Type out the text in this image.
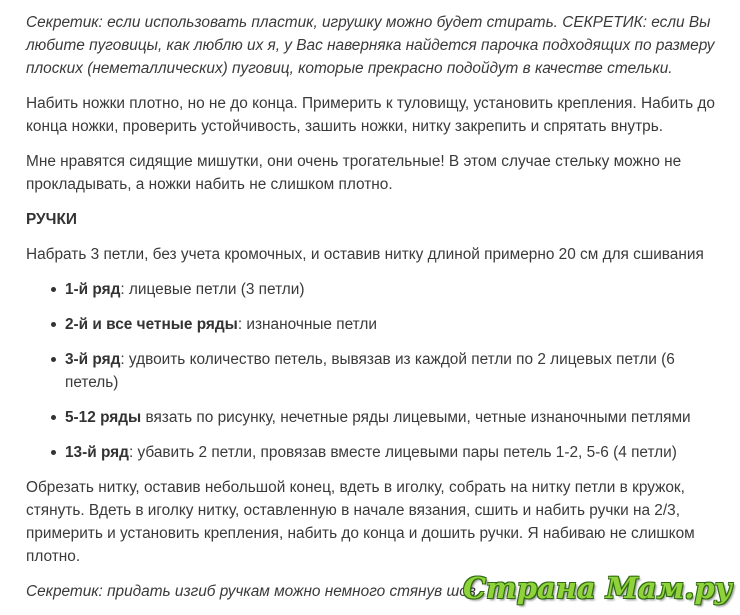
Секретик: если использовать пластик, игрушку можно будет стирать. СЕКРЕТИК: если Вы любите пуговицы, как люблю их я, у Вас наверняка найдется парочка подходящих по размеру плоских (неметаллических) пуговиц, которые прекрасно подойдут в качестве стельки.

Набить ножки плотно, но не до конца. Примерить к туловищу, установить крепления. Набить до конца ножки, проверить устойчивость, зашить ножки, нитку закрепить и спрятать внутрь.

Мне нравятся сидящие мишутки, они очень трогательные! В этом случае стельку можно не прокладывать, а ножки набить не слишком плотно.

РУЧКИ

Набрать 3 петли, без учета кромочных, и оставив нитку длиной примерно 20 см для сшивания

1-й ряд: лицевые петли (3 петли)
2-й и все четные ряды: изнаночные петли
3-й ряд: удвоить количество петель, вывязав из каждой петли по 2 лицевых петли (6 петель)
5-12 ряды вязать по рисунку, нечетные ряды лицевыми, четные изнаночными петлями
13-й ряд: убавить 2 петли, провязав вместе лицевыми пары петель 1-2, 5-6 (4 петли)

Обрезать нитку, оставив небольшой конец, вдеть в иголку, собрать на нитку петли в кружок, стянуть. Вдеть в иголку нитку, оставленную в начале вязания, сшить и набить ручки на 2/3, примерить и установить крепления, набить до конца и дошить ручки. Я набиваю не слишком плотно.

Секретик: придать изгиб ручкам можно немного стянув шов.

Страна Мам.ру
